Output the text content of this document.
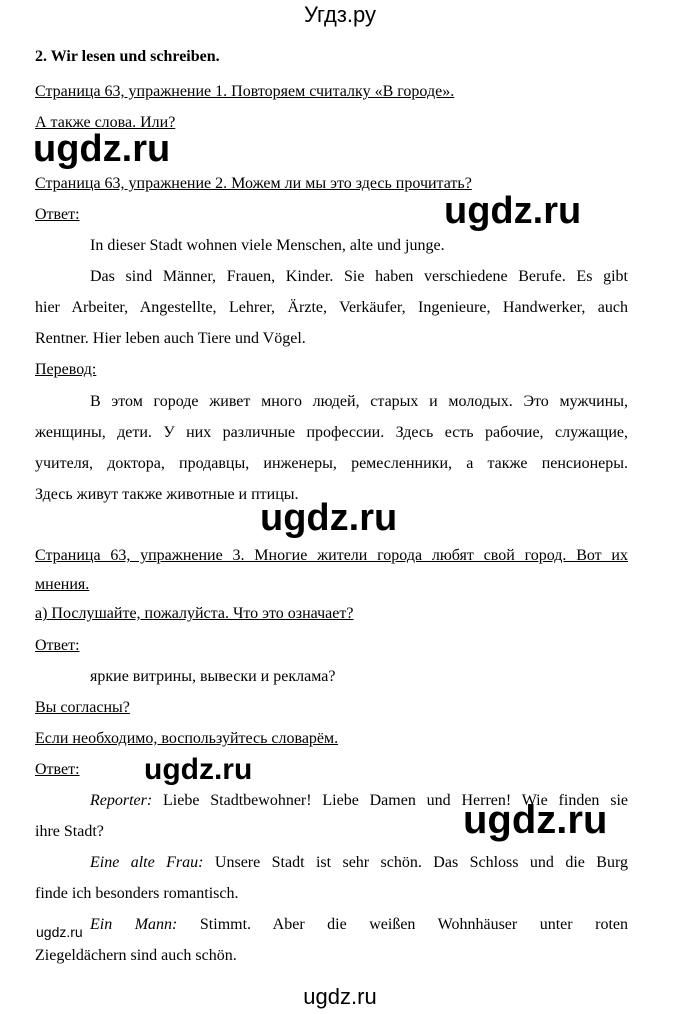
Угдз.ру
2. Wir lesen und schreiben.
Страница 63, упражнение 1. Повторяем считалку «В городе».
А также слова. Или?
ugdz.ru
Страница 63, упражнение 2. Можем ли мы это здесь прочитать?
Ответ:	ugdz.ru
In dieser Stadt wohnen viele Menschen, alte und junge.
Das sind Männer, Frauen, Kinder. Sie haben verschiedene Berufe. Es gibt
hier Arbeiter, Angestellte, Lehrer, Ärzte, Verkäufer, Ingenieure, Handwerker, auch
Rentner. Hier leben auch Tiere und Vögel.
Перевод:
В этом городе живет много людей, старых и молодых. Это мужчины,
женщины, дети. У них различные профессии. Здесь есть рабочие, служащие,
учителя, доктора, продавцы, инженеры, ремесленники, а также пенсионеры.
Здесь живут также животные и птицы.
ugdz.ru
Страница 63, упражнение 3. Многие жители города любят свой город. Вот их
мнения.
а) Послушайте, пожалуйста. Что это означает?
Ответ:
яркие витрины, вывески и реклама?
Вы согласны?
Если необходимо, воспользуйтесь словарём.
Ответ: ugdz.ru
Reporter: Liebe Stadtbewohner! Liebe Damen und Herren! Wie finden sie
ihre Stadt?	ugdz.ru
Eine alte Frau: Unsere Stadt ist sehr schön. Das Schloss und die Burg
finde ich besonders romantisch.
Ein Mann: Stimmt. Aber die weißen Wohnhäuser unter roten
Ziegeldächern sind auch schön.
ugdz.ru
ugdz.ru
